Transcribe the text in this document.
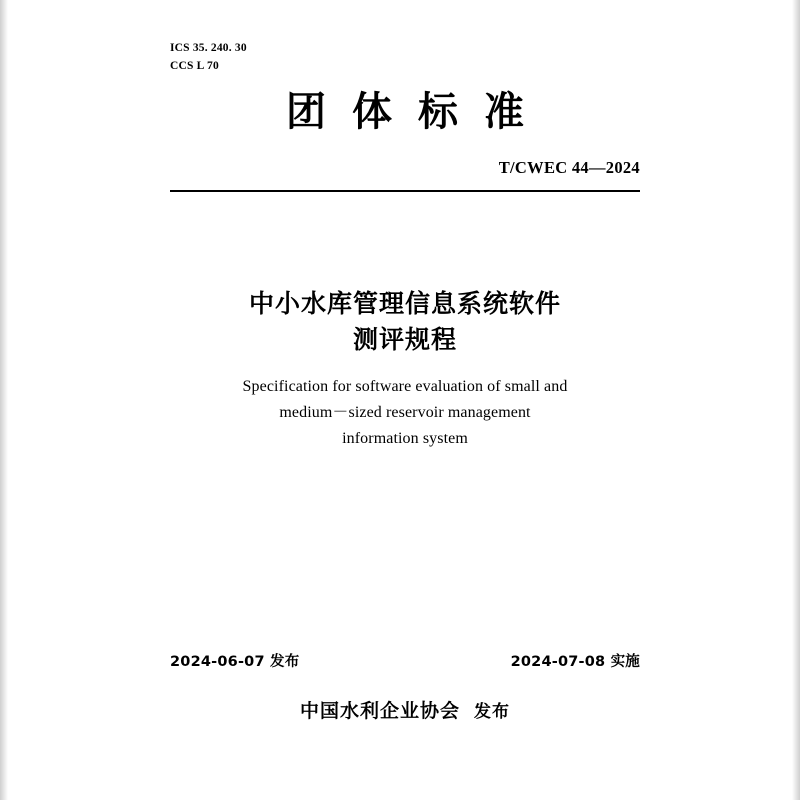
ICS 35. 240. 30
CCS L 70
团体标准
T/CWEC 44—2024
中小水库管理信息系统软件
测评规程
Specification for software evaluation of small and
medium－sized reservoir management
information system
2024-06-07 发布	2024-07-08 实施
中国水利企业协会 发布
